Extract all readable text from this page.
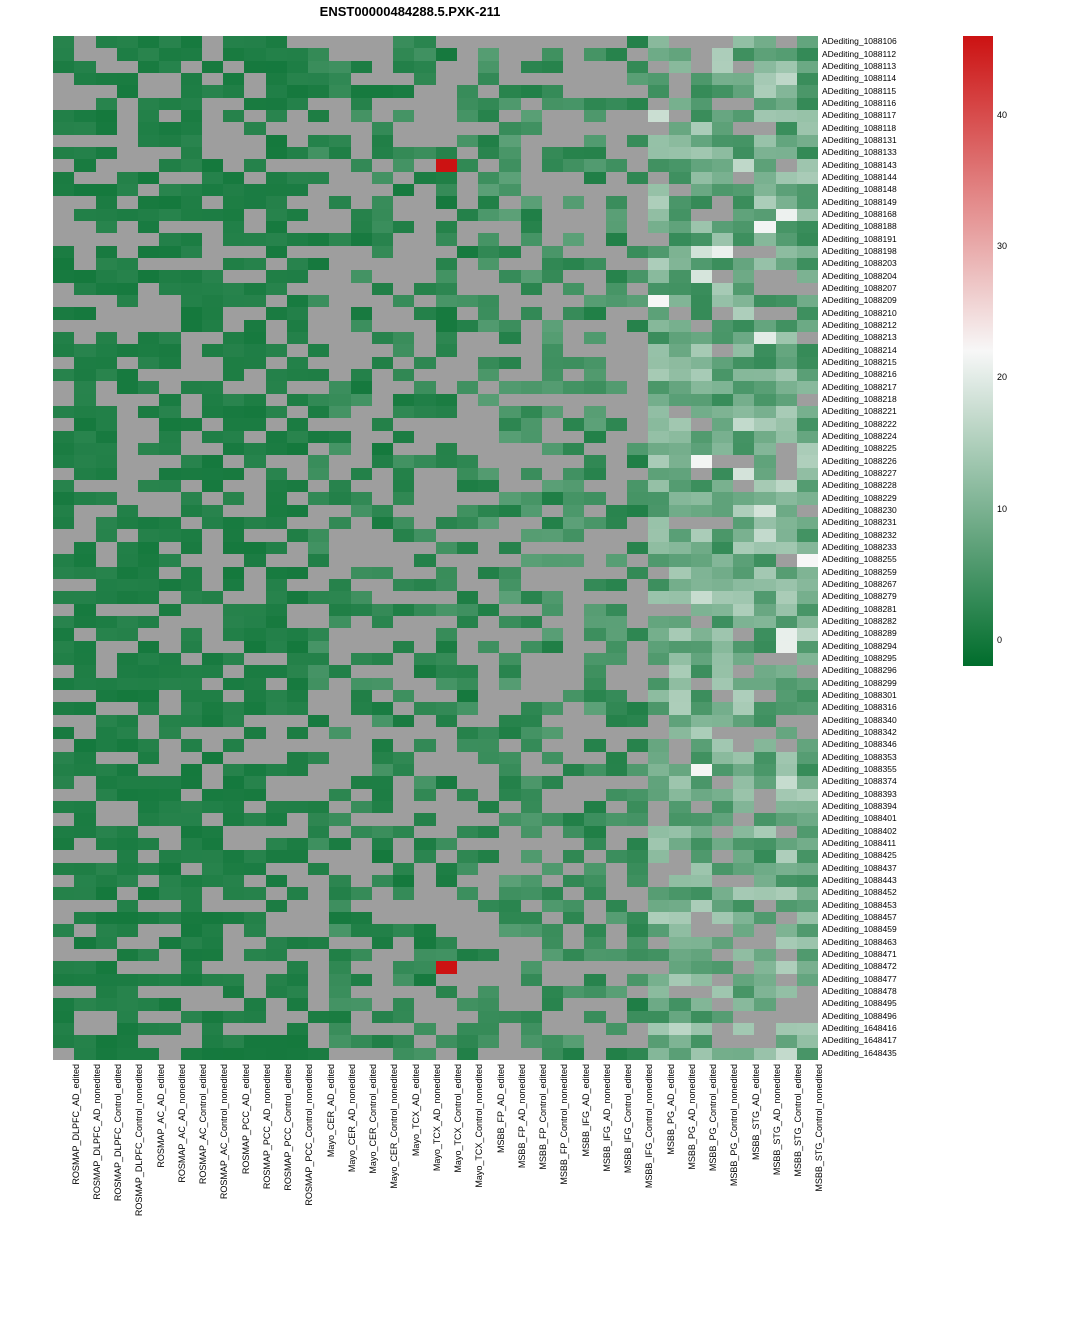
ENST00000484288.5.PXK-211
ADediting_1088106
ADediting_1088112
ADediting_1088113
ADediting_1088114
ADediting_1088115
ADediting_1088116
ADediting_1088117
ADediting_1088118
ADediting_1088131
ADediting_1088133
ADediting_1088143
ADediting_1088144
ADediting_1088148
ADediting_1088149
ADediting_1088168
ADediting_1088188
ADediting_1088191
ADediting_1088198
ADediting_1088203
ADediting_1088204
ADediting_1088207
ADediting_1088209
ADediting_1088210
ADediting_1088212
ADediting_1088213
ADediting_1088214
ADediting_1088215
ADediting_1088216
ADediting_1088217
ADediting_1088218
ADediting_1088221
ADediting_1088222
ADediting_1088224
ADediting_1088225
ADediting_1088226
ADediting_1088227
ADediting_1088228
ADediting_1088229
ADediting_1088230
ADediting_1088231
ADediting_1088232
ADediting_1088233
ADediting_1088255
ADediting_1088259
ADediting_1088267
ADediting_1088279
ADediting_1088281
ADediting_1088282
ADediting_1088289
ADediting_1088294
ADediting_1088295
ADediting_1088296
ADediting_1088299
ADediting_1088301
ADediting_1088316
ADediting_1088340
ADediting_1088342
ADediting_1088346
ADediting_1088353
ADediting_1088355
ADediting_1088374
ADediting_1088393
ADediting_1088394
ADediting_1088401
ADediting_1088402
ADediting_1088411
ADediting_1088425
ADediting_1088437
ADediting_1088443
ADediting_1088452
ADediting_1088453
ADediting_1088457
ADediting_1088459
ADediting_1088463
ADediting_1088471
ADediting_1088472
ADediting_1088477
ADediting_1088478
ADediting_1088495
ADediting_1088496
ADediting_1648416
ADediting_1648417
ADediting_1648435
ROSMAP_DLPFC_AD_edited	ROSMAP_DLPFC_AD_nonedited	ROSMAP_DLPFC_Control_edited	ROSMAP_DLPFC_Control_nonedited	ROSMAP_AC_AD_edited	ROSMAP_AC_AD_nonedited	ROSMAP_AC_Control_edited	ROSMAP_AC_Control_nonedited	ROSMAP_PCC_AD_edited	ROSMAP_PCC_AD_nonedited	ROSMAP_PCC_Control_edited	ROSMAP_PCC_Control_nonedited	Mayo_CER_AD_edited	Mayo_CER_AD_nonedited	Mayo_CER_Control_edited	Mayo_CER_Control_nonedited	Mayo_TCX_AD_edited	Mayo_TCX_AD_nonedited	Mayo_TCX_Control_edited	Mayo_TCX_Control_nonedited	MSBB_FP_AD_edited	MSBB_FP_AD_nonedited	MSBB_FP_Control_edited	MSBB_FP_Control_nonedited	MSBB_IFG_AD_edited	MSBB_IFG_AD_nonedited	MSBB_IFG_Control_edited	MSBB_IFG_Control_nonedited	MSBB_PG_AD_edited	MSBB_PG_AD_nonedited	MSBB_PG_Control_edited	MSBB_PG_Control_nonedited	MSBB_STG_AD_edited	MSBB_STG_AD_nonedited	MSBB_STG_Control_edited	MSBB_STG_Control_nonedited
0
10
20
30
40
